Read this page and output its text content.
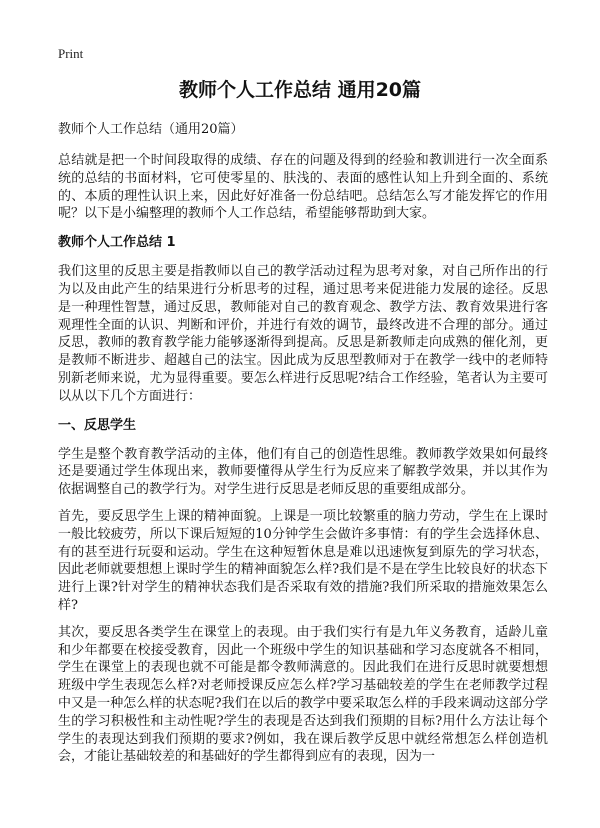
Print
教师个人工作总结 通用20篇

教师个人工作总结（通用20篇）

总结就是把一个时间段取得的成绩、存在的问题及得到的经验和教训进行一次全面系统的总结的书面材料，它可使零星的、肤浅的、表面的感性认知上升到全面的、系统的、本质的理性认识上来，因此好好准备一份总结吧。总结怎么写才能发挥它的作用呢？以下是小编整理的教师个人工作总结，希望能够帮助到大家。

教师个人工作总结 1

我们这里的反思主要是指教师以自己的教学活动过程为思考对象，对自己所作出的行为以及由此产生的结果进行分析思考的过程，通过思考来促进能力发展的途径。反思是一种理性智慧，通过反思，教师能对自己的教育观念、教学方法、教育效果进行客观理性全面的认识、判断和评价，并进行有效的调节，最终改进不合理的部分。通过反思，教师的教育教学能力能够逐渐得到提高。反思是新教师走向成熟的催化剂，更是教师不断进步、超越自己的法宝。因此成为反思型教师对于在教学一线中的老师特别新老师来说，尤为显得重要。要怎么样进行反思呢?结合工作经验，笔者认为主要可以从以下几个方面进行：

一、反思学生

学生是整个教育教学活动的主体，他们有自己的创造性思维。教师教学效果如何最终还是要通过学生体现出来，教师要懂得从学生行为反应来了解教学效果，并以其作为依据调整自己的教学行为。对学生进行反思是老师反思的重要组成部分。

首先，要反思学生上课的精神面貌。上课是一项比较繁重的脑力劳动，学生在上课时一般比较疲劳，所以下课后短短的10分钟学生会做许多事情：有的学生会选择休息、有的甚至进行玩耍和运动。学生在这种短暂休息是难以迅速恢复到原先的学习状态，因此老师就要想想上课时学生的精神面貌怎么样?我们是不是在学生比较良好的状态下进行上课?针对学生的精神状态我们是否采取有效的措施?我们所采取的措施效果怎么样?

其次，要反思各类学生在课堂上的表现。由于我们实行有是九年义务教育，适龄儿童和少年都要在校接受教育，因此一个班级中学生的知识基础和学习态度就各不相同，学生在课堂上的表现也就不可能是都令教师满意的。因此我们在进行反思时就要想想班级中学生表现怎么样?对老师授课反应怎么样?学习基础较差的学生在老师教学过程中又是一种怎么样的状态呢?我们在以后的教学中要采取怎么样的手段来调动这部分学生的学习积极性和主动性呢?学生的表现是否达到我们预期的目标?用什么方法让每个学生的表现达到我们预期的要求?例如，我在课后教学反思中就经常想怎么样创造机会，才能让基础较差的和基础好的学生都得到应有的表现，因为一
